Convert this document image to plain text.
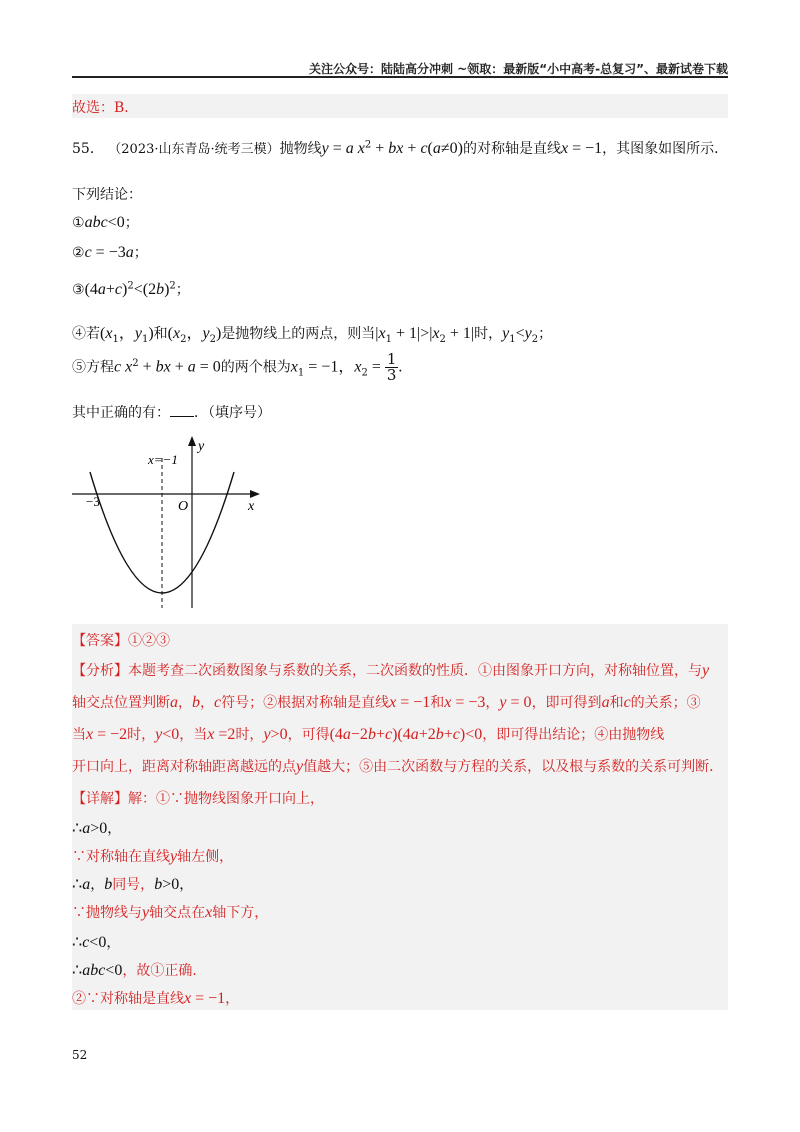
关注公众号：陆陆高分冲刺 ~领取：最新版“小中高考-总复习”、最新试卷下载
故选：B．
55． （2023·山东青岛·统考三模）抛物线y = a $x^2$ + bx + c(a≠0)的对称轴是直线x = −1，其图象如图所示．
下列结论：
①abc<0；
②c = −3a；
$③(4a+c)^2<(2b)^2$；
④若($x_1$，$y_1$)和($x_2$，$y_2$)是抛物线上的两点，则当$|x_1 + 1|>|x_2 + 1|$时，$y_1<y_2$；
⑤方程c $x^2$ + bx + a = 0的两个根为$x_1 = -1$，$x_2 = \frac{1}{3}$ .
其中正确的有： ．（填序号）
x=−1
y
x
O
−3
【答案】①②③
【分析】本题考查二次函数图象与系数的关系，二次函数的性质．①由图象开口方向，对称轴位置，与y
轴交点位置判断a，b，c符号；②根据对称轴是直线x = −1和x = −3，y = 0，即可得到a和c的关系；③
当x = −2时，y<0，当x =2时，y>0，可得(4a−2b+c)(4a+2b+c)<0，即可得出结论；④由抛物线
开口向上，距离对称轴距离越远的点y值越大；⑤由二次函数与方程的关系，以及根与系数的关系可判断．
【详解】解：①∵抛物线图象开口向上，
∴a>0，
∵对称轴在直线y轴左侧，
∴a，b同号，b>0，
∵抛物线与y轴交点在x轴下方，
∴c<0，
∴abc<0，故①正确．
②∵对称轴是直线x = −1，
52
